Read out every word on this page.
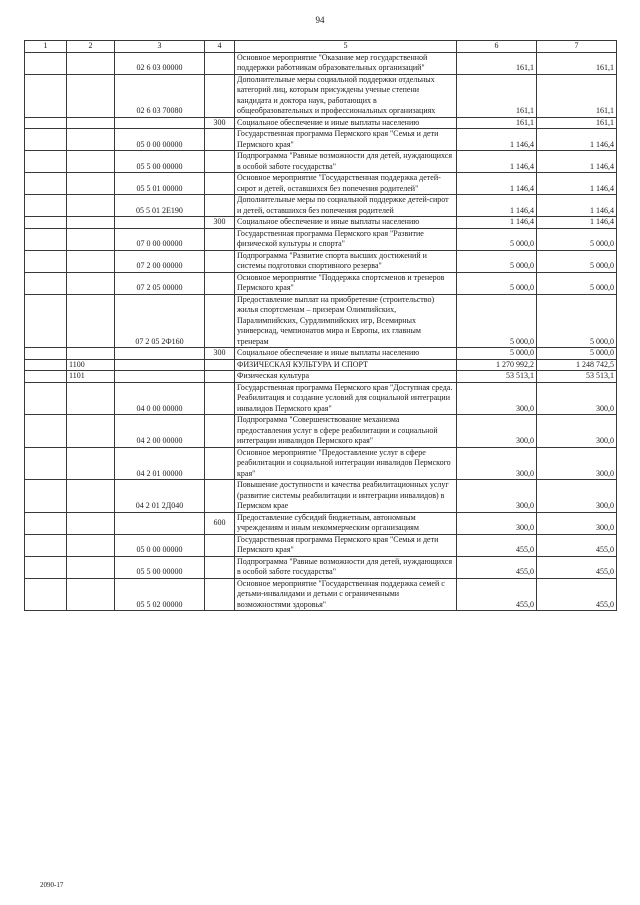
94
1	2	3	4	5	6	7
		02 6 03 00000		Основное мероприятие "Оказание мер государственной поддержки работникам образовательных организаций"	161,1	161,1
		02 6 03 70080		Дополнительные меры социальной поддержки отдельных категорий лиц, которым присуждены ученые степени кандидата и доктора наук, работающих в общеобразовательных и профессиональных организациях	161,1	161,1
			300	Социальное обеспечение и иные выплаты населению	161,1	161,1
		05 0 00 00000		Государственная программа Пермского края "Семья и дети Пермского края"	1 146,4	1 146,4
		05 5 00 00000		Подпрограмма "Равные возможности для детей, нуждающихся в особой заботе государства"	1 146,4	1 146,4
		05 5 01 00000		Основное мероприятие "Государственная поддержка детей-сирот и детей, оставшихся без попечения родителей"	1 146,4	1 146,4
		05 5 01 2Е190		Дополнительные меры по социальной поддержке детей-сирот и детей, оставшихся без попечения родителей	1 146,4	1 146,4
			300	Социальное обеспечение и иные выплаты населению	1 146,4	1 146,4
		07 0 00 00000		Государственная программа Пермского края "Развитие физической культуры и спорта"	5 000,0	5 000,0
		07 2 00 00000		Подпрограмма "Развитие спорта высших достижений и системы подготовки спортивного резерва"	5 000,0	5 000,0
		07 2 05 00000		Основное мероприятие "Поддержка спортсменов и тренеров Пермского края"	5 000,0	5 000,0
		07 2 05 2Ф160		Предоставление выплат на приобретение (строительство) жилья спортсменам – призерам Олимпийских, Паралимпийских, Сурдлимпийских игр, Всемирных универсиад, чемпионатов мира и Европы, их главным тренерам	5 000,0	5 000,0
			300	Социальное обеспечение и иные выплаты населению	5 000,0	5 000,0
	1100			ФИЗИЧЕСКАЯ КУЛЬТУРА И СПОРТ	1 270 992,2	1 248 742,5
	1101			Физическая культура	53 513,1	53 513,1
		04 0 00 00000		Государственная программа Пермского края "Доступная среда. Реабилитация и создание условий для социальной интеграции инвалидов Пермского края"	300,0	300,0
		04 2 00 00000		Подпрограмма "Совершенствование механизма предоставления услуг в сфере реабилитации и социальной интеграции инвалидов Пермского края"	300,0	300,0
		04 2 01 00000		Основное мероприятие "Предоставление услуг в сфере реабилитации и социальной интеграции инвалидов Пермского края"	300,0	300,0
		04 2 01 2Д040		Повышение доступности и качества реабилитационных услуг (развитие системы реабилитации и интеграции инвалидов) в Пермском крае	300,0	300,0
			600	Предоставление субсидий бюджетным, автономным учреждениям и иным некоммерческим организациям	300,0	300,0
		05 0 00 00000		Государственная программа Пермского края "Семья и дети Пермского края"	455,0	455,0
		05 5 00 00000		Подпрограмма "Равные возможности для детей, нуждающихся в особой заботе государства"	455,0	455,0
		05 5 02 00000		Основное мероприятие "Государственная поддержка семей с детьми-инвалидами и детьми с ограниченными возможностями здоровья"	455,0	455,0
2090-17
